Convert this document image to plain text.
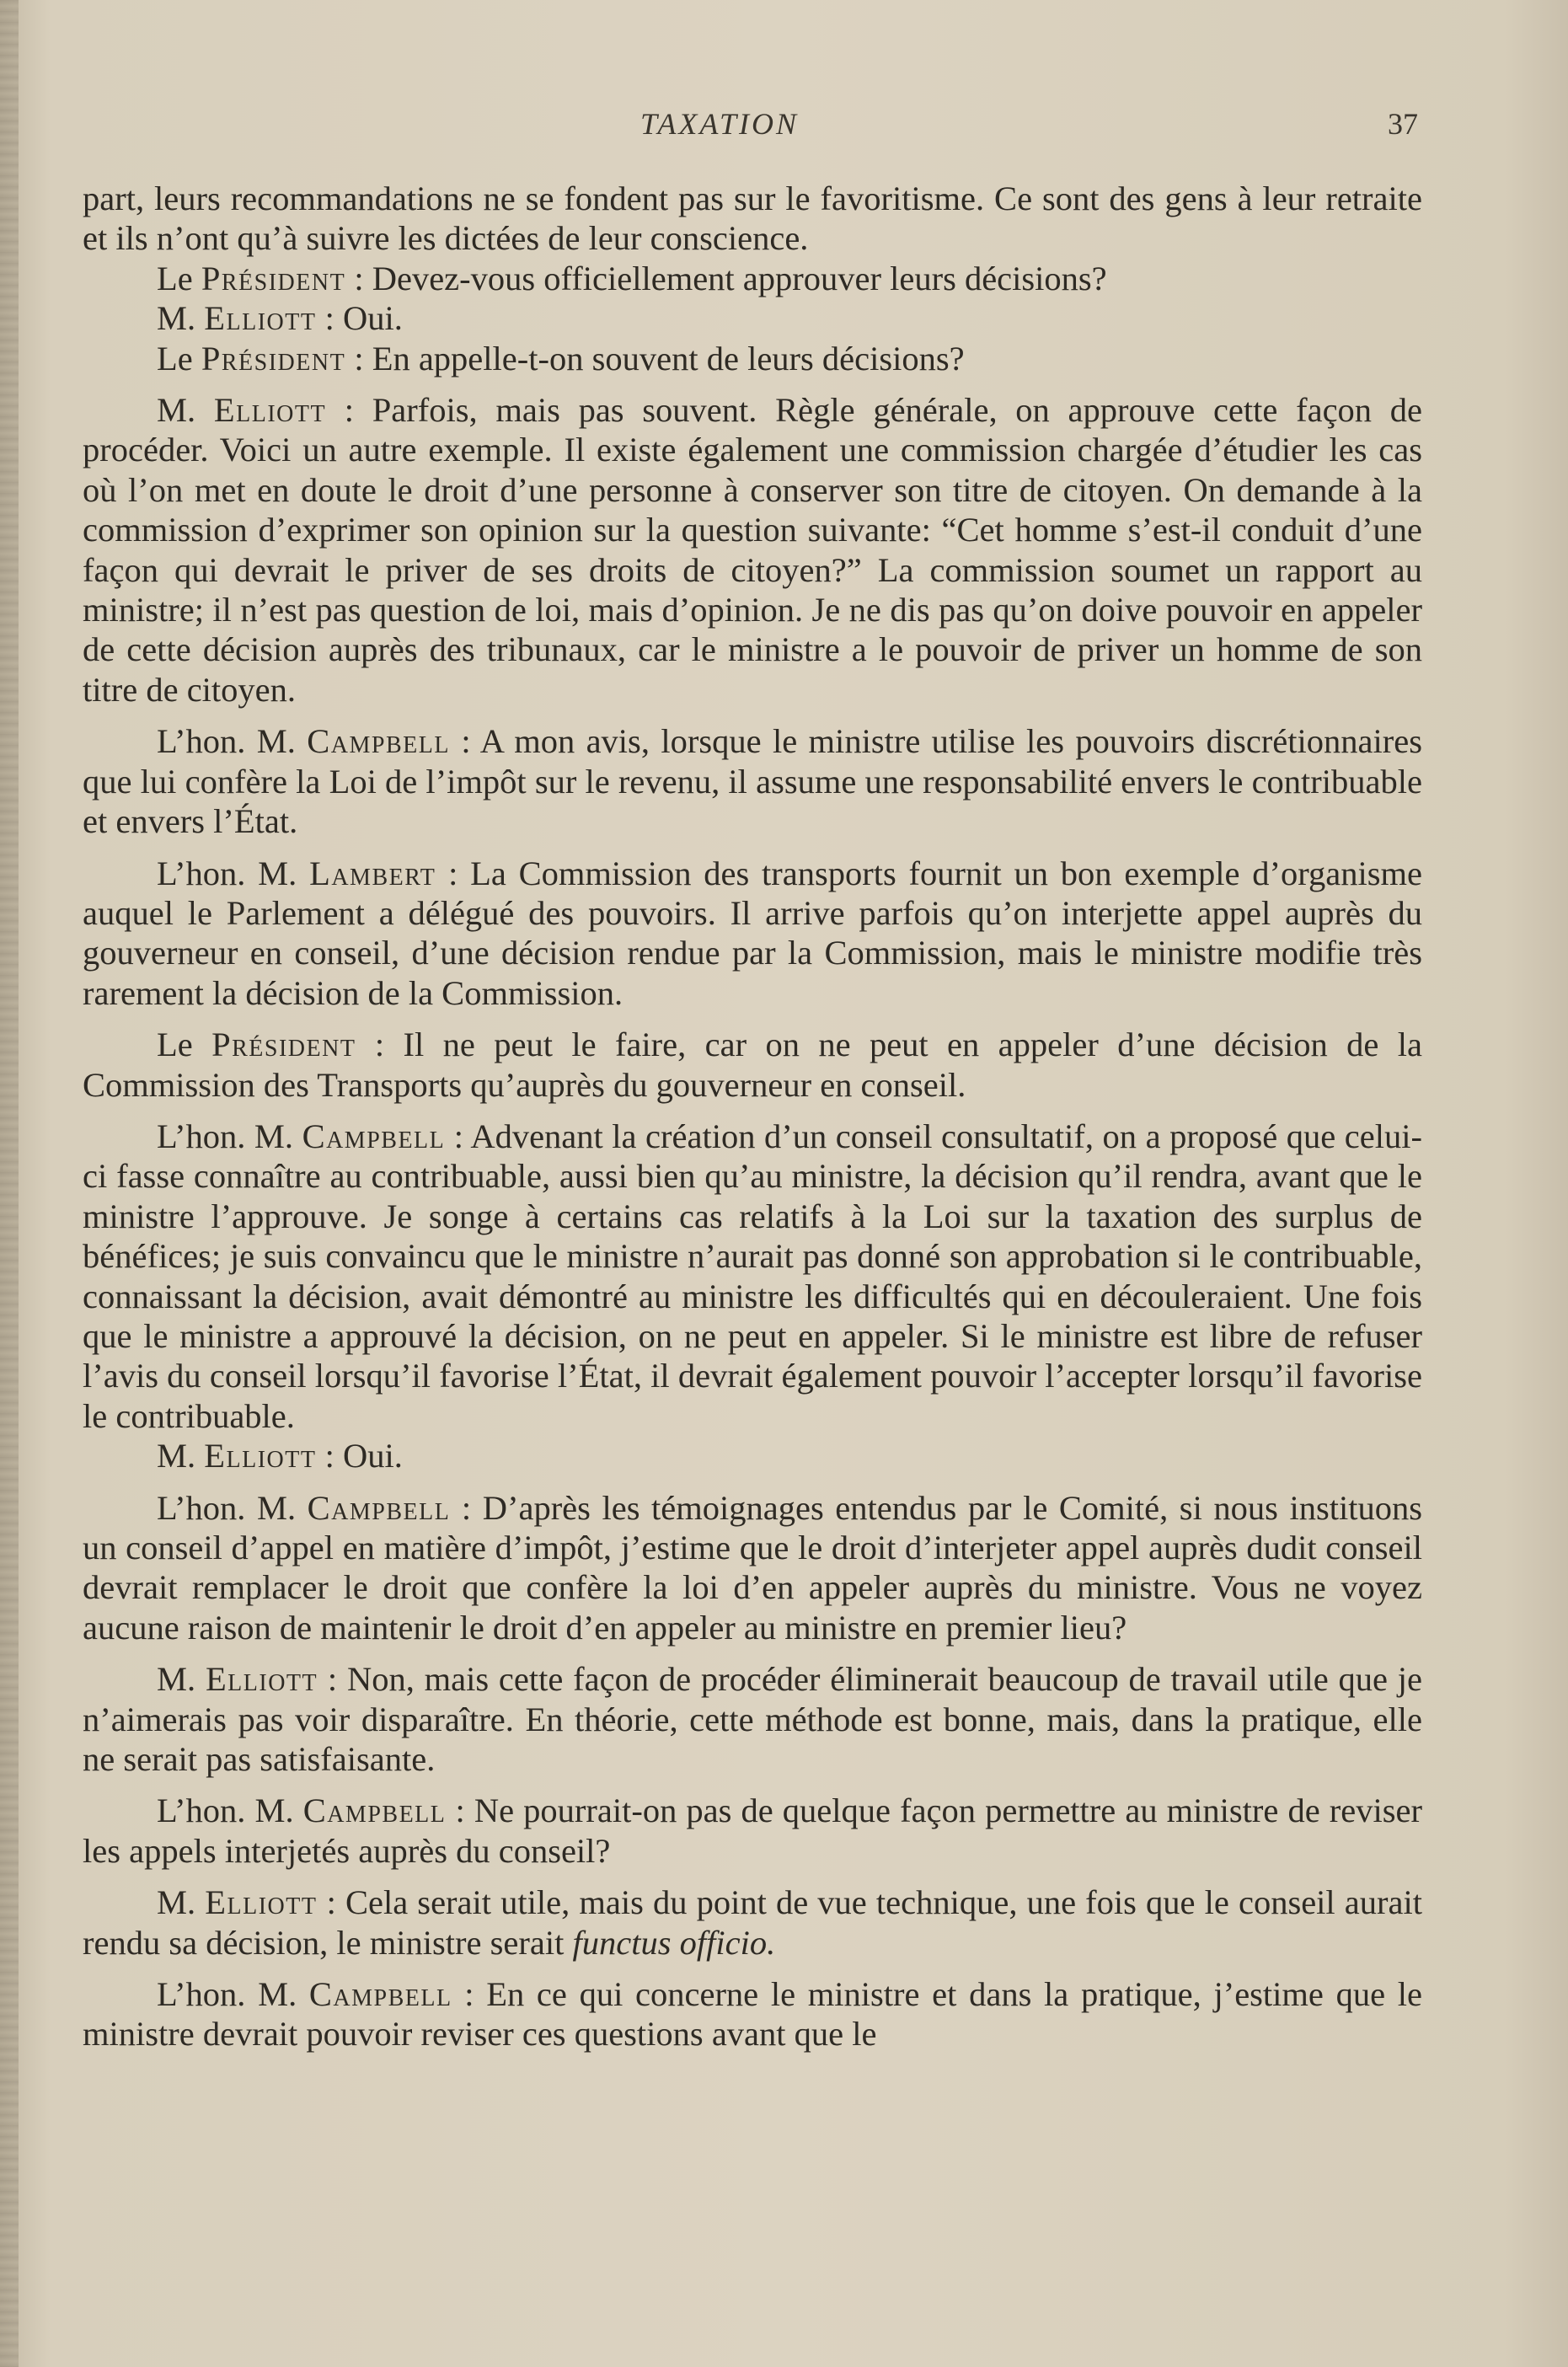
TAXATION	37

part, leurs recommandations ne se fondent pas sur le favoritisme. Ce sont des gens à leur retraite et ils n’ont qu’à suivre les dictées de leur conscience.

Le Président : Devez-vous officiellement approuver leurs décisions?

M. Elliott : Oui.

Le Président : En appelle-t-on souvent de leurs décisions?

M. Elliott : Parfois, mais pas souvent. Règle générale, on approuve cette façon de procéder. Voici un autre exemple. Il existe également une commission chargée d’étudier les cas où l’on met en doute le droit d’une personne à conserver son titre de citoyen. On demande à la commission d’exprimer son opinion sur la question suivante: “Cet homme s’est-il conduit d’une façon qui devrait le priver de ses droits de citoyen?” La commission soumet un rapport au ministre; il n’est pas question de loi, mais d’opinion. Je ne dis pas qu’on doive pouvoir en appeler de cette décision auprès des tribunaux, car le ministre a le pouvoir de priver un homme de son titre de citoyen.

L’hon. M. Campbell : A mon avis, lorsque le ministre utilise les pouvoirs discrétionnaires que lui confère la Loi de l’impôt sur le revenu, il assume une responsabilité envers le contribuable et envers l’État.

L’hon. M. Lambert : La Commission des transports fournit un bon exemple d’organisme auquel le Parlement a délégué des pouvoirs. Il arrive parfois qu’on interjette appel auprès du gouverneur en conseil, d’une décision rendue par la Commission, mais le ministre modifie très rarement la décision de la Commission.

Le Président : Il ne peut le faire, car on ne peut en appeler d’une décision de la Commission des Transports qu’auprès du gouverneur en conseil.

L’hon. M. Campbell : Advenant la création d’un conseil consultatif, on a proposé que celui-ci fasse connaître au contribuable, aussi bien qu’au ministre, la décision qu’il rendra, avant que le ministre l’approuve. Je songe à certains cas relatifs à la Loi sur la taxation des surplus de bénéfices; je suis convaincu que le ministre n’aurait pas donné son approbation si le contribuable, connaissant la décision, avait démontré au ministre les difficultés qui en découleraient. Une fois que le ministre a approuvé la décision, on ne peut en appeler. Si le ministre est libre de refuser l’avis du conseil lorsqu’il favorise l’État, il devrait également pouvoir l’accepter lorsqu’il favorise le contribuable.

M. Elliott : Oui.

L’hon. M. Campbell : D’après les témoignages entendus par le Comité, si nous instituons un conseil d’appel en matière d’impôt, j’estime que le droit d’interjeter appel auprès dudit conseil devrait remplacer le droit que confère la loi d’en appeler auprès du ministre. Vous ne voyez aucune raison de maintenir le droit d’en appeler au ministre en premier lieu?

M. Elliott : Non, mais cette façon de procéder éliminerait beaucoup de travail utile que je n’aimerais pas voir disparaître. En théorie, cette méthode est bonne, mais, dans la pratique, elle ne serait pas satisfaisante.

L’hon. M. Campbell : Ne pourrait-on pas de quelque façon permettre au ministre de reviser les appels interjetés auprès du conseil?

M. Elliott : Cela serait utile, mais du point de vue technique, une fois que le conseil aurait rendu sa décision, le ministre serait functus officio.

L’hon. M. Campbell : En ce qui concerne le ministre et dans la pratique, j’estime que le ministre devrait pouvoir reviser ces questions avant que le
